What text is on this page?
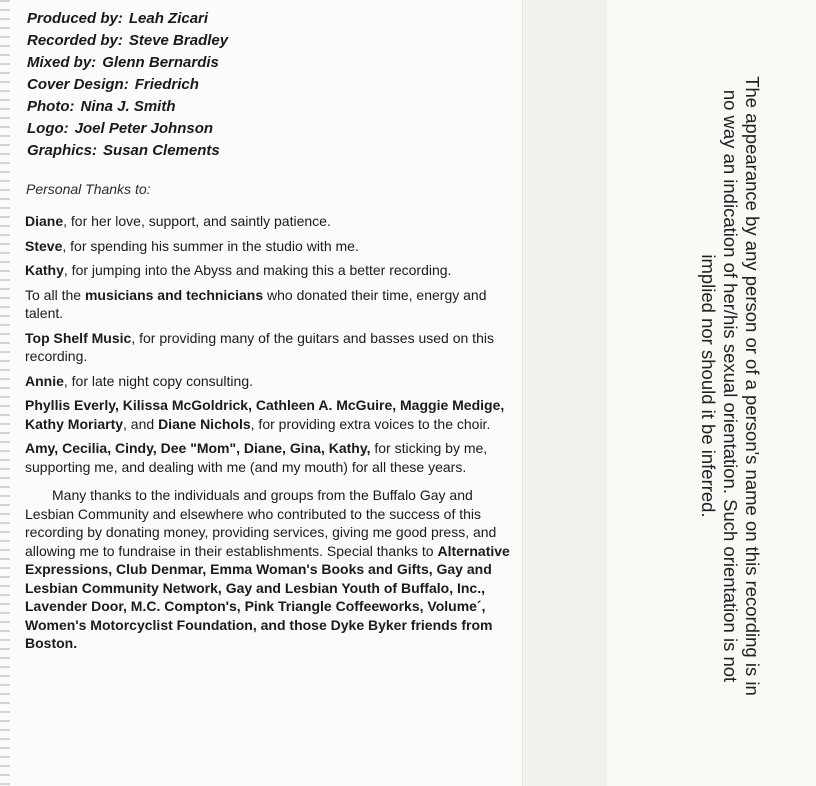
Produced by: Leah Zicari
Recorded by: Steve Bradley
Mixed by: Glenn Bernardis
Cover Design: Friedrich
Photo: Nina J. Smith
Logo: Joel Peter Johnson
Graphics: Susan Clements
Personal Thanks to:

Diane, for her love, support, and saintly patience.

Steve, for spending his summer in the studio with me.

Kathy, for jumping into the Abyss and making this a better recording.

To all the musicians and technicians who donated their time, energy and talent.

Top Shelf Music, for providing many of the guitars and basses used on this recording.

Annie, for late night copy consulting.

Phyllis Everly, Kilissa McGoldrick, Cathleen A. McGuire, Maggie Medige, Kathy Moriarty, and Diane Nichols, for providing extra voices to the choir.

Amy, Cecilia, Cindy, Dee "Mom", Diane, Gina, Kathy, for sticking by me, supporting me, and dealing with me (and my mouth) for all these years.

Many thanks to the individuals and groups from the Buffalo Gay and Lesbian Community and elsewhere who contributed to the success of this recording by donating money, providing services, giving me good press, and allowing me to fundraise in their establishments. Special thanks to Alternative Expressions, Club Denmar, Emma Woman's Books and Gifts, Gay and Lesbian Community Network, Gay and Lesbian Youth of Buffalo, Inc., Lavender Door, M.C. Compton's, Pink Triangle Coffeeworks, Volume´, Women's Motorcyclist Foundation, and those Dyke Byker friends from Boston.	The appearance by any person or of a person's name on this recording is in no way an indication of her/his sexual orientation. Such orientation is not implied nor should it be inferred.
